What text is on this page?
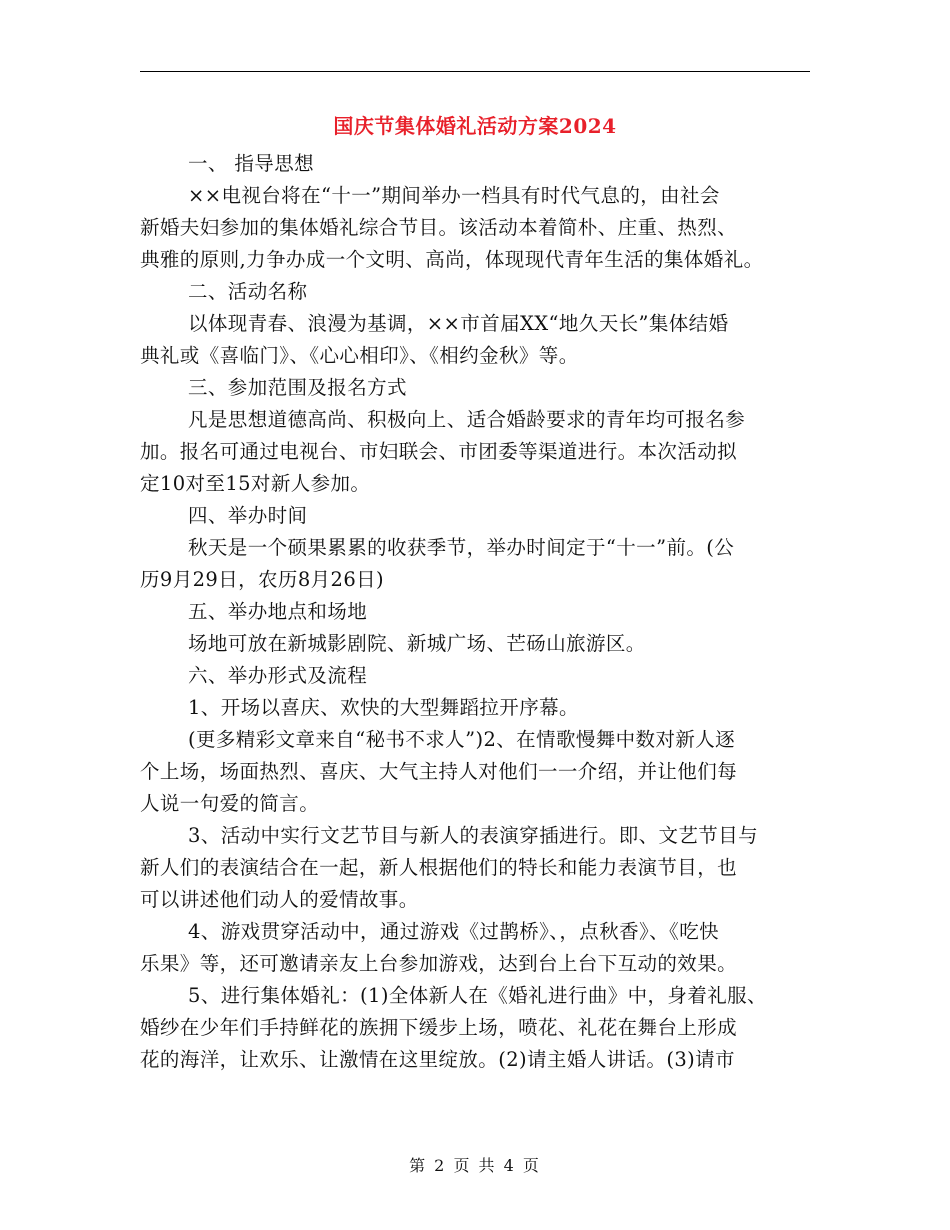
国庆节集体婚礼活动方案2024

一、 指导思想

××电视台将在“十一”期间举办一档具有时代气息的，由社会

新婚夫妇参加的集体婚礼综合节目。该活动本着简朴、庄重、热烈、

典雅的原则,力争办成一个文明、高尚，体现现代青年生活的集体婚礼。

二、活动名称

以体现青春、浪漫为基调，××市首届XX“地久天长”集体结婚

典礼或《喜临门》、《心心相印》、《相约金秋》等。

三、参加范围及报名方式

凡是思想道德高尚、积极向上、适合婚龄要求的青年均可报名参

加。报名可通过电视台、市妇联会、市团委等渠道进行。本次活动拟

定10对至15对新人参加。

四、举办时间

秋天是一个硕果累累的收获季节，举办时间定于“十一”前。(公

历9月29日，农历8月26日)

五、举办地点和场地

场地可放在新城影剧院、新城广场、芒砀山旅游区。

六、举办形式及流程

1、开场以喜庆、欢快的大型舞蹈拉开序幕。

(更多精彩文章来自“秘书不求人”)2、在情歌慢舞中数对新人逐

个上场，场面热烈、喜庆、大气主持人对他们一一介绍，并让他们每

人说一句爱的简言。

3、活动中实行文艺节目与新人的表演穿插进行。即、文艺节目与

新人们的表演结合在一起，新人根据他们的特长和能力表演节目，也

可以讲述他们动人的爱情故事。

4、游戏贯穿活动中，通过游戏《过鹊桥》、，点秋香》、《吃快

乐果》等，还可邀请亲友上台参加游戏，达到台上台下互动的效果。

5、进行集体婚礼：(1)全体新人在《婚礼进行曲》中，身着礼服、

婚纱在少年们手持鲜花的族拥下缓步上场，喷花、礼花在舞台上形成

花的海洋，让欢乐、让激情在这里绽放。(2)请主婚人讲话。(3)请市

第 2 页 共 4 页
